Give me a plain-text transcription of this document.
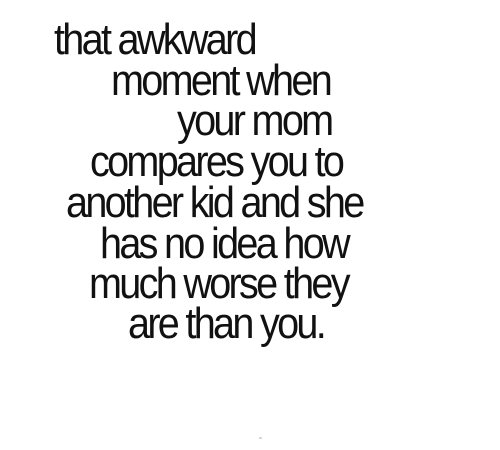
that awkward

moment when

your mom

compares you to

another kid and she

has no idea how

much worse they

are than you.
